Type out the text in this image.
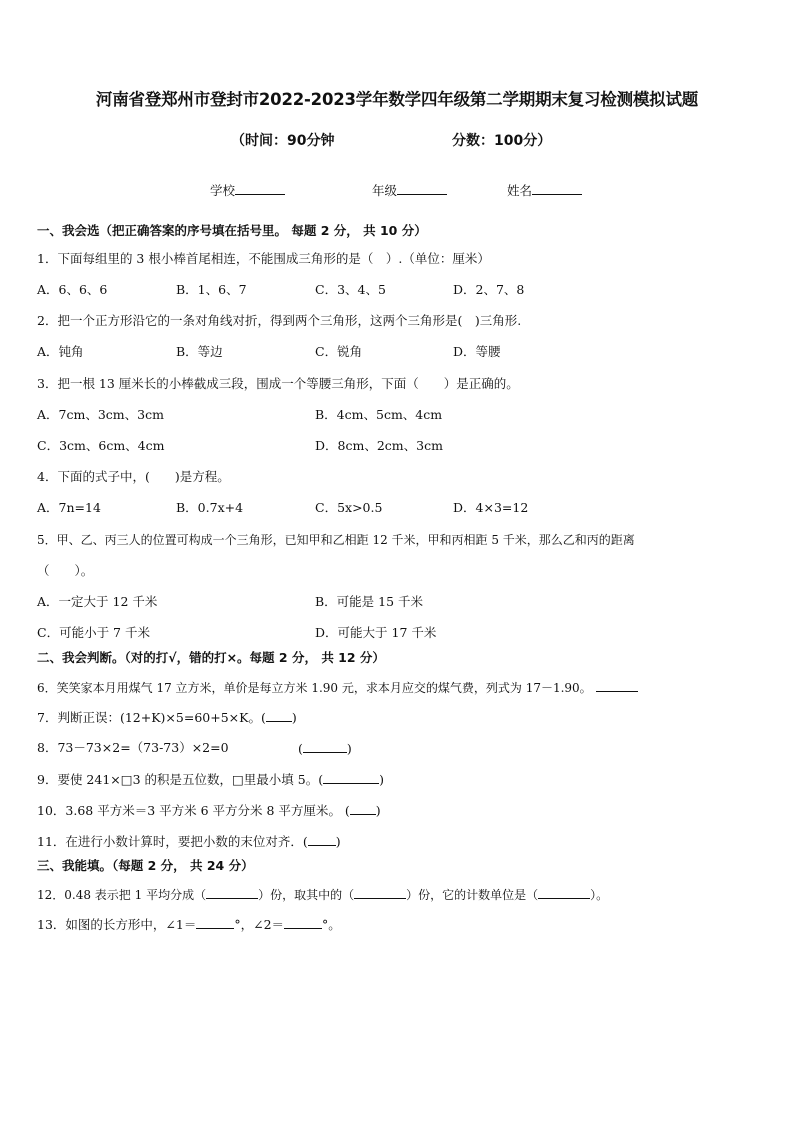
河南省登郑州市登封市2022-2023学年数学四年级第二学期期末复习检测模拟试题
（时间：90分钟	分数：100分）
学校	年级	姓名
一、我会选（把正确答案的序号填在括号里。 每题 2 分， 共 10 分）
1．下面每组里的 3 根小棒首尾相连，不能围成三角形的是（　）.（单位：厘米）
A．6、6、6	B．1、6、7	C．3、4、5	D．2、7、8
2．把一个正方形沿它的一条对角线对折，得到两个三角形，这两个三角形是(　)三角形.
A．钝角	B．等边	C．锐角	D．等腰
3．把一根 13 厘米长的小棒截成三段，围成一个等腰三角形，下面（　　）是正确的。
A．7cm、3cm、3cm	B．4cm、5cm、4cm
C．3cm、6cm、4cm	D．8cm、2cm、3cm
4．下面的式子中，(　　)是方程。
A．7n=14	B．0.7x+4	C．5x>0.5	D．4×3=12
5．甲、乙、丙三人的位置可构成一个三角形，已知甲和乙相距 12 千米，甲和丙相距 5 千米，那么乙和丙的距离
（　　）。
A．一定大于 12 千米	B．可能是 15 千米
C．可能小于 7 千米	D．可能大于 17 千米
二、我会判断。（对的打√，错的打×。每题 2 分， 共 12 分）
6．笑笑家本月用煤气 17 立方米，单价是每立方米 1.90 元，求本月应交的煤气费，列式为 17－1.90。
7．判断正误：(12+K)×5=60+5×K。( )
8．73－73×2=（73-73）×2=0	(	)
9．要使 241×□3 的积是五位数，□里最小填 5。(	)
10．3.68 平方米＝3 平方米 6 平方分米 8 平方厘米。 ( )
11．在进行小数计算时，要把小数的末位对齐．( )
三、我能填。（每题 2 分， 共 24 分）
12．0.48 表示把 1 平均分成（	）份，取其中的（	）份，它的计数单位是（	）。
13．如图的长方形中，∠1＝	°，∠2＝	°。
